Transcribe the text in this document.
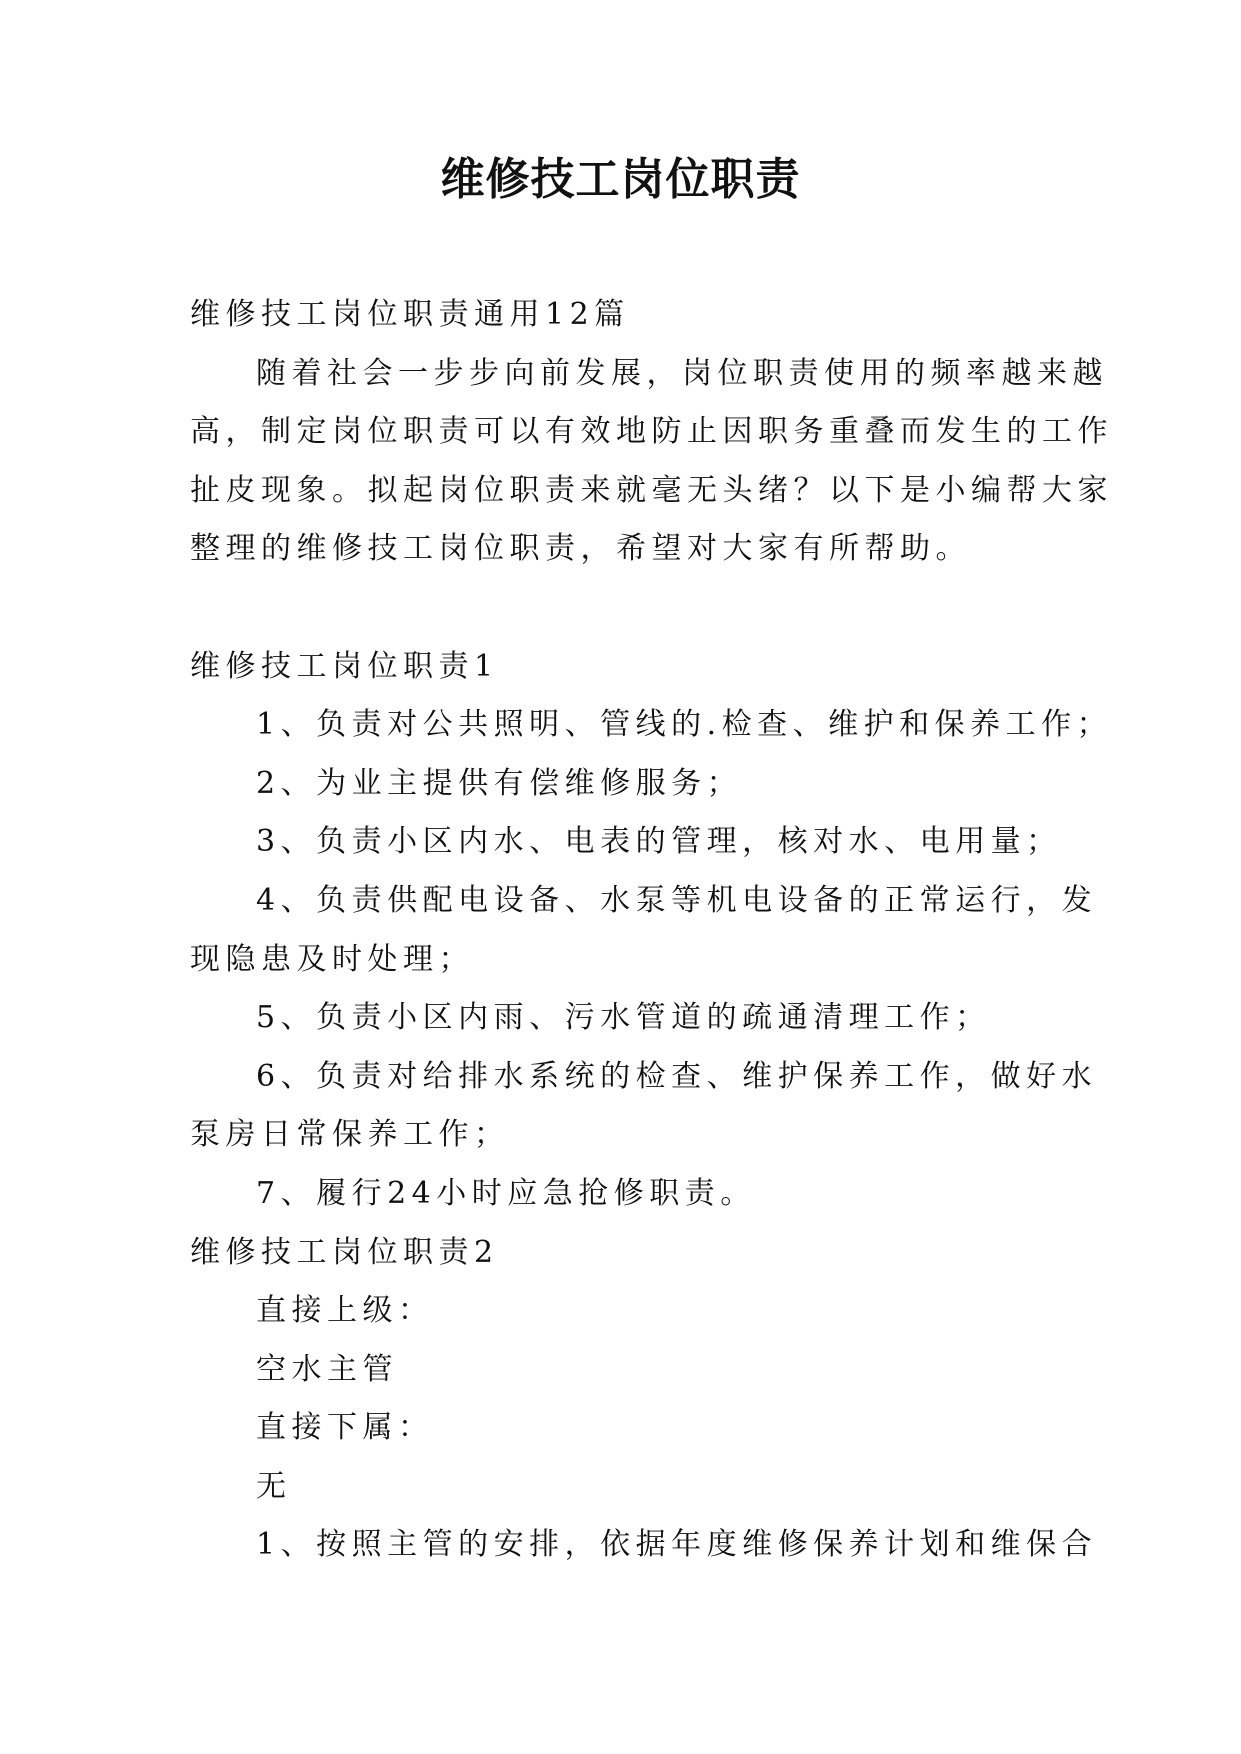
维修技工岗位职责

维修技工岗位职责通用12篇

随着社会一步步向前发展，岗位职责使用的频率越来越

高，制定岗位职责可以有效地防止因职务重叠而发生的工作

扯皮现象。拟起岗位职责来就毫无头绪？以下是小编帮大家

整理的维修技工岗位职责，希望对大家有所帮助。

维修技工岗位职责1

1、负责对公共照明、管线的.检查、维护和保养工作；

2、为业主提供有偿维修服务；

3、负责小区内水、电表的管理，核对水、电用量；

4、负责供配电设备、水泵等机电设备的正常运行，发

现隐患及时处理；

5、负责小区内雨、污水管道的疏通清理工作；

6、负责对给排水系统的检查、维护保养工作，做好水

泵房日常保养工作；

7、履行24小时应急抢修职责。

维修技工岗位职责2

直接上级：

空水主管

直接下属：

无

1、按照主管的安排，依据年度维修保养计划和维保合
